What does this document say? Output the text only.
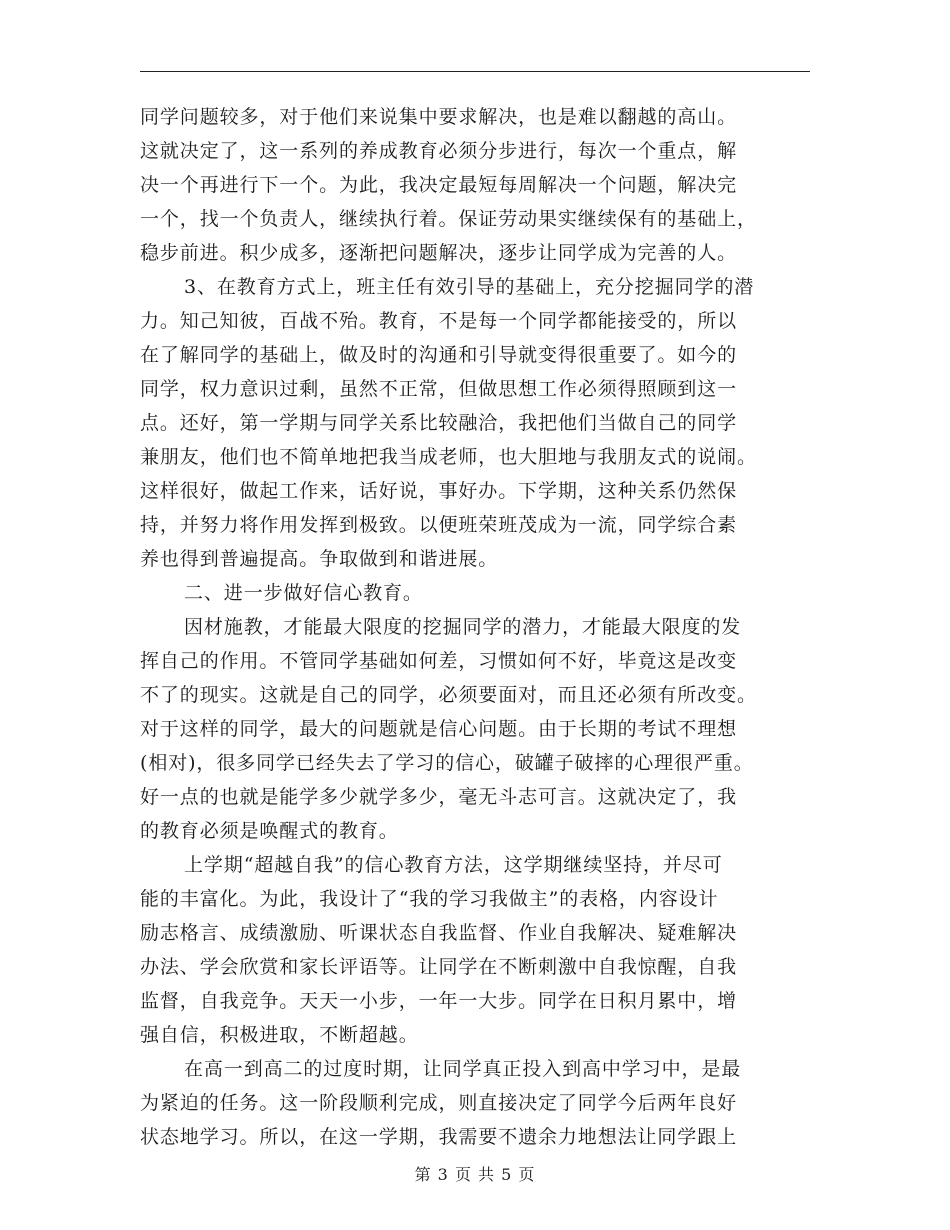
同学问题较多，对于他们来说集中要求解决，也是难以翻越的高山。
这就决定了，这一系列的养成教育必须分步进行，每次一个重点，解
决一个再进行下一个。为此，我决定最短每周解决一个问题，解决完
一个，找一个负责人，继续执行着。保证劳动果实继续保有的基础上，
稳步前进。积少成多，逐渐把问题解决，逐步让同学成为完善的人。
3、在教育方式上，班主任有效引导的基础上，充分挖掘同学的潜
力。知己知彼，百战不殆。教育，不是每一个同学都能接受的，所以
在了解同学的基础上，做及时的沟通和引导就变得很重要了。如今的
同学，权力意识过剩，虽然不正常，但做思想工作必须得照顾到这一
点。还好，第一学期与同学关系比较融洽，我把他们当做自己的同学
兼朋友，他们也不简单地把我当成老师，也大胆地与我朋友式的说闹。
这样很好，做起工作来，话好说，事好办。下学期，这种关系仍然保
持，并努力将作用发挥到极致。以便班荣班茂成为一流，同学综合素
养也得到普遍提高。争取做到和谐进展。
二、进一步做好信心教育。
因材施教，才能最大限度的挖掘同学的潜力，才能最大限度的发
挥自己的作用。不管同学基础如何差，习惯如何不好，毕竟这是改变
不了的现实。这就是自己的同学，必须要面对，而且还必须有所改变。
对于这样的同学，最大的问题就是信心问题。由于长期的考试不理想
(相对)，很多同学已经失去了学习的信心，破罐子破摔的心理很严重。
好一点的也就是能学多少就学多少，毫无斗志可言。这就决定了，我
的教育必须是唤醒式的教育。
上学期“超越自我”的信心教育方法，这学期继续坚持，并尽可
能的丰富化。为此，我设计了“我的学习我做主”的表格，内容设计
励志格言、成绩激励、听课状态自我监督、作业自我解决、疑难解决
办法、学会欣赏和家长评语等。让同学在不断刺激中自我惊醒，自我
监督，自我竞争。天天一小步，一年一大步。同学在日积月累中，增
强自信，积极进取，不断超越。
在高一到高二的过度时期，让同学真正投入到高中学习中，是最
为紧迫的任务。这一阶段顺利完成，则直接决定了同学今后两年良好
状态地学习。所以，在这一学期，我需要不遗余力地想法让同学跟上
第 3 页 共 5 页
